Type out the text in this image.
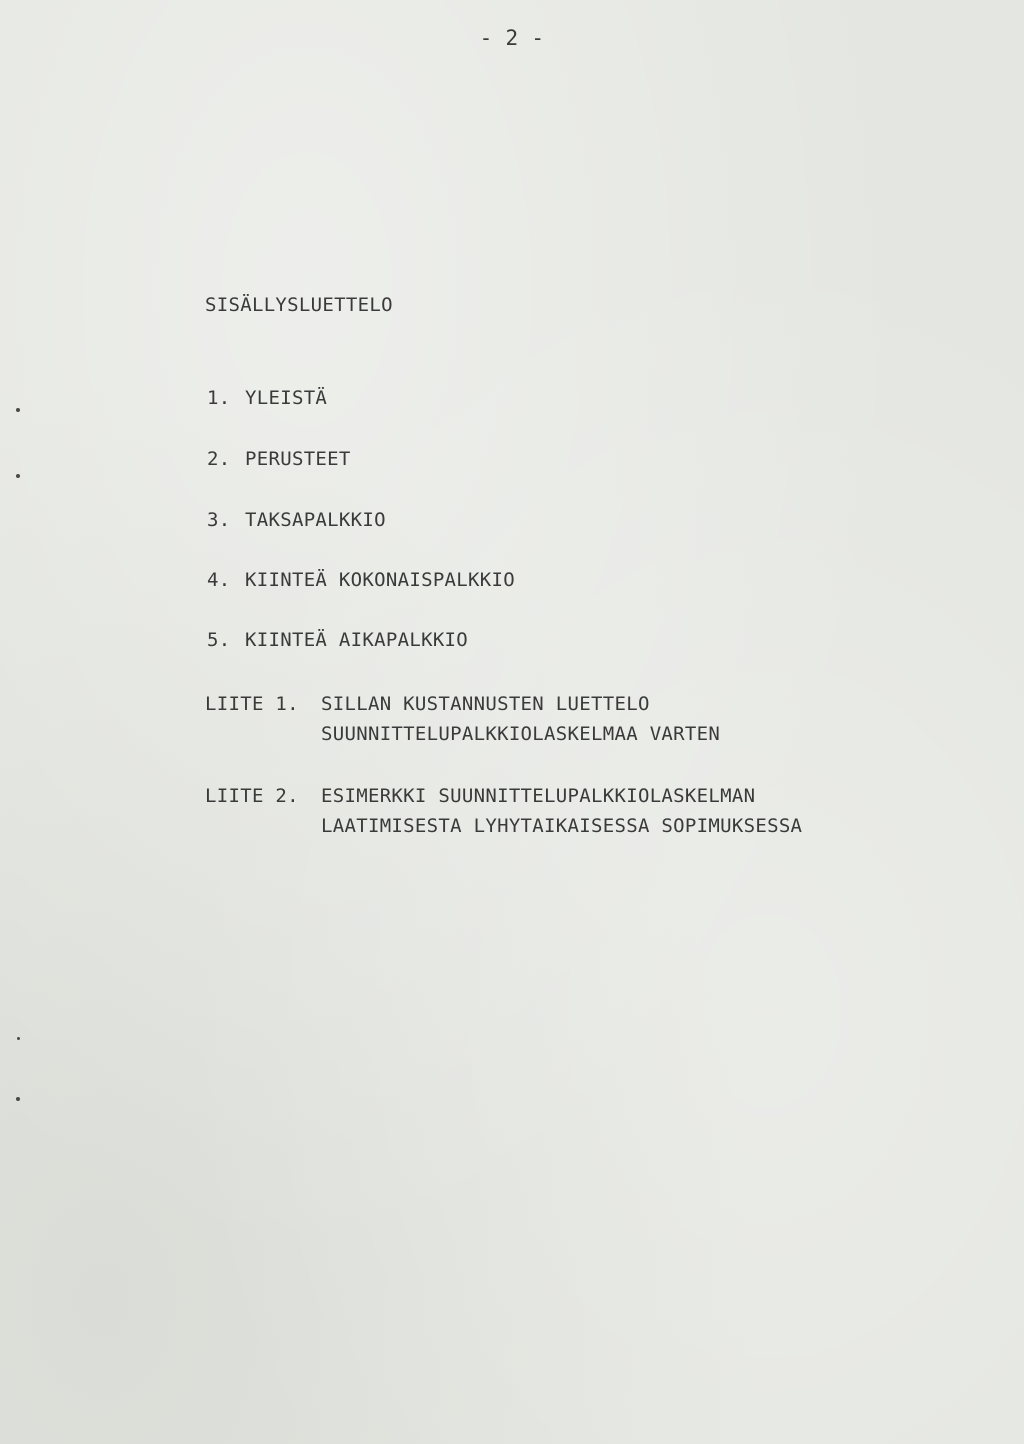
- 2 -
SISÄLLYSLUETTELO
1. YLEISTÄ
2. PERUSTEET
3. TAKSAPALKKIO
4. KIINTEÄ KOKONAISPALKKIO
5. KIINTEÄ AIKAPALKKIO
LIITE 1. SILLAN KUSTANNUSTEN LUETTELO
SUUNNITTELUPALKKIOLASKELMAA VARTEN
LIITE 2. ESIMERKKI SUUNNITTELUPALKKIOLASKELMAN
LAATIMISESTA LYHYTAIKAISESSA SOPIMUKSESSA
